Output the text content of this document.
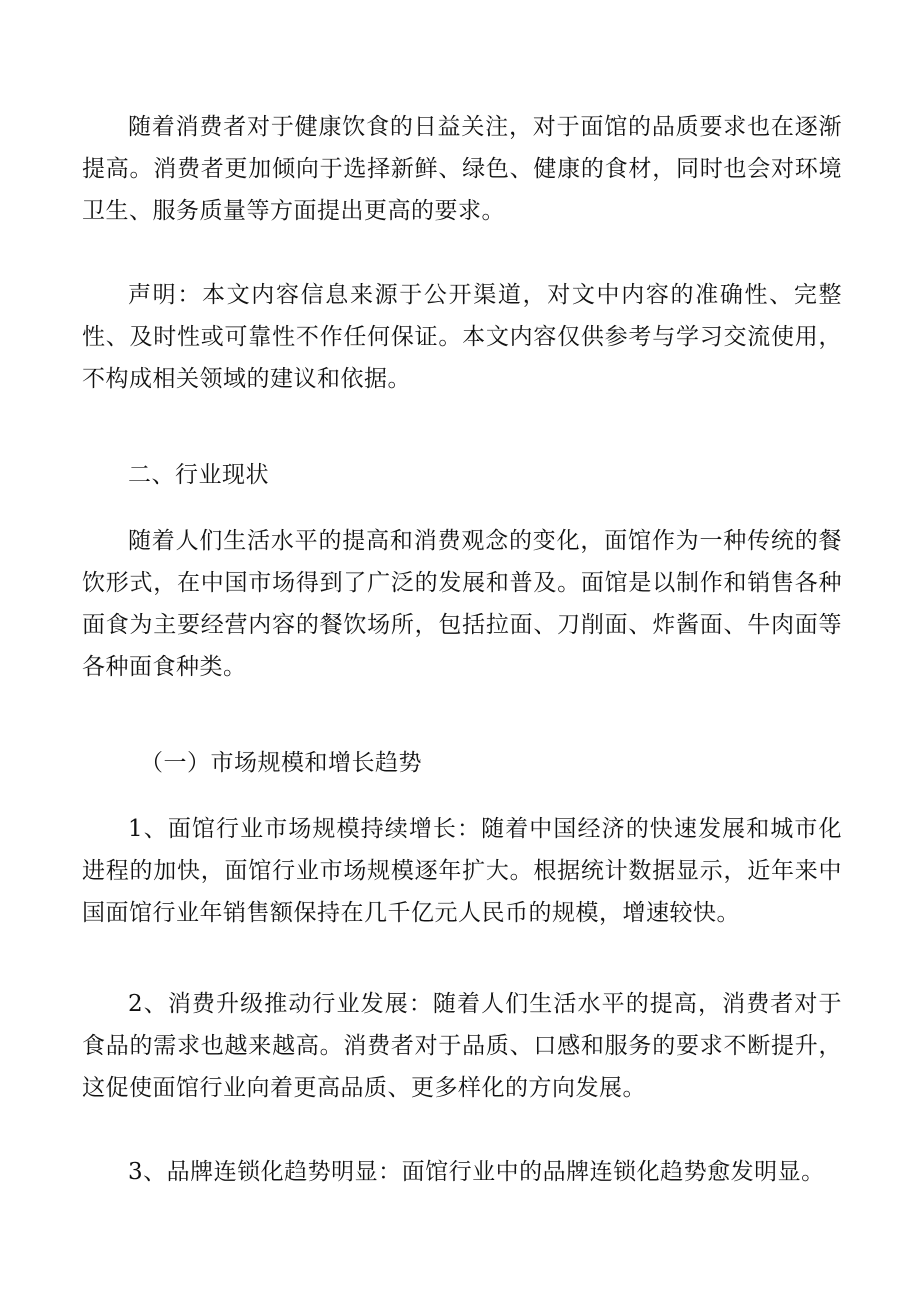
随着消费者对于健康饮食的日益关注，对于面馆的品质要求也在逐渐提高。消费者更加倾向于选择新鲜、绿色、健康的食材，同时也会对环境卫生、服务质量等方面提出更高的要求。

声明：本文内容信息来源于公开渠道，对文中内容的准确性、完整性、及时性或可靠性不作任何保证。本文内容仅供参考与学习交流使用，不构成相关领域的建议和依据。

二、行业现状

随着人们生活水平的提高和消费观念的变化，面馆作为一种传统的餐饮形式，在中国市场得到了广泛的发展和普及。面馆是以制作和销售各种面食为主要经营内容的餐饮场所，包括拉面、刀削面、炸酱面、牛肉面等各种面食种类。

（一）市场规模和增长趋势

1、面馆行业市场规模持续增长：随着中国经济的快速发展和城市化进程的加快，面馆行业市场规模逐年扩大。根据统计数据显示，近年来中国面馆行业年销售额保持在几千亿元人民币的规模，增速较快。

2、消费升级推动行业发展：随着人们生活水平的提高，消费者对于食品的需求也越来越高。消费者对于品质、口感和服务的要求不断提升，这促使面馆行业向着更高品质、更多样化的方向发展。

3、品牌连锁化趋势明显：面馆行业中的品牌连锁化趋势愈发明显。
